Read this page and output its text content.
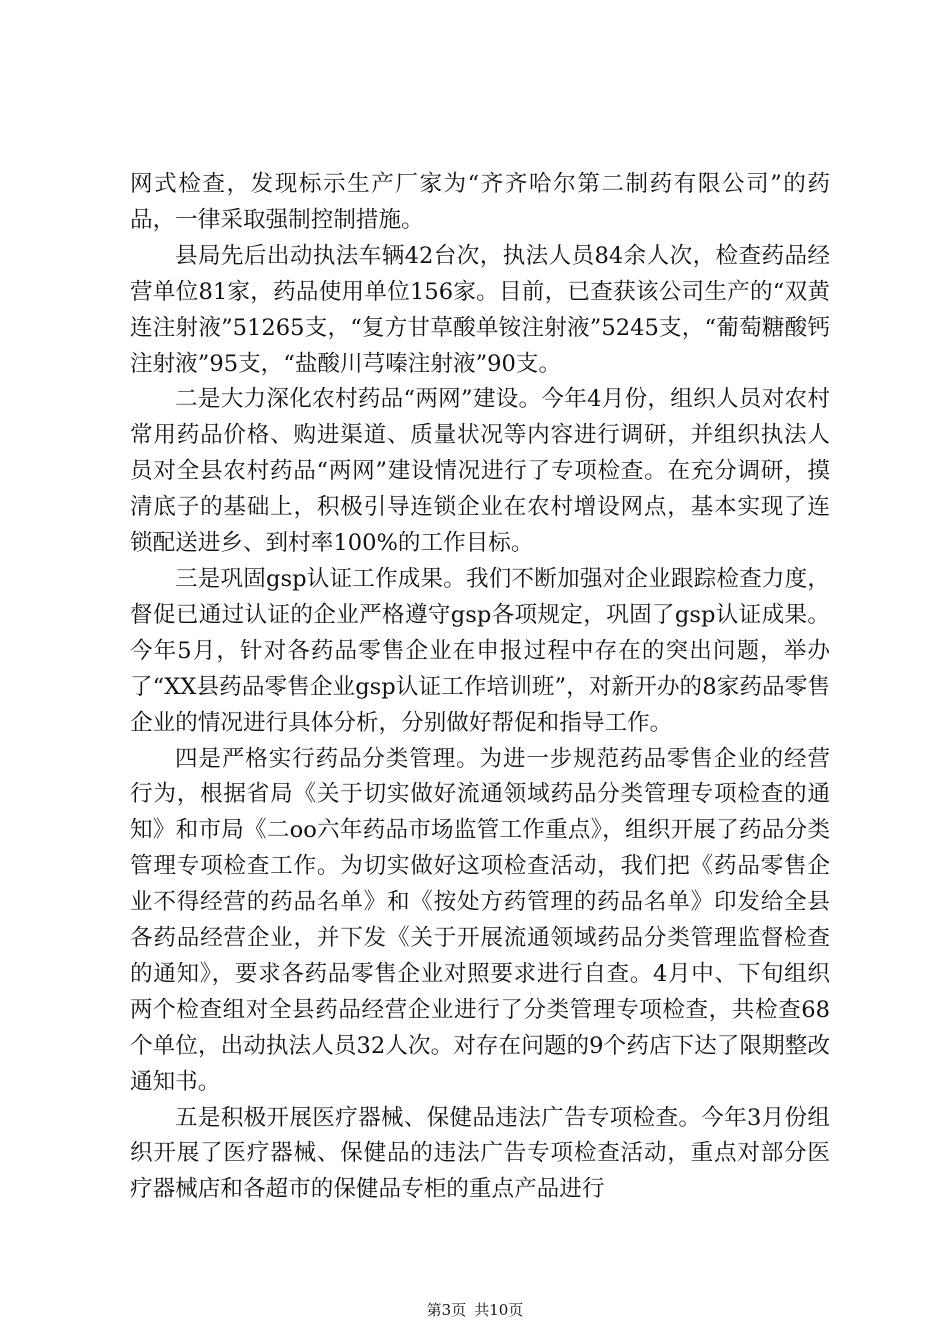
网式检查，发现标示生产厂家为“齐齐哈尔第二制药有限公司”的药品，一律采取强制控制措施。

县局先后出动执法车辆42台次，执法人员84余人次，检查药品经营单位81家，药品使用单位156家。目前，已查获该公司生产的“双黄连注射液”51265支，“复方甘草酸单铵注射液”5245支，“葡萄糖酸钙注射液”95支，“盐酸川芎嗪注射液”90支。

二是大力深化农村药品“两网”建设。今年4月份，组织人员对农村常用药品价格、购进渠道、质量状况等内容进行调研，并组织执法人员对全县农村药品“两网”建设情况进行了专项检查。在充分调研，摸清底子的基础上，积极引导连锁企业在农村增设网点，基本实现了连锁配送进乡、到村率100%的工作目标。

三是巩固gsp认证工作成果。我们不断加强对企业跟踪检查力度，督促已通过认证的企业严格遵守gsp各项规定，巩固了gsp认证成果。今年5月，针对各药品零售企业在申报过程中存在的突出问题，举办了“XX县药品零售企业gsp认证工作培训班”，对新开办的8家药品零售企业的情况进行具体分析，分别做好帮促和指导工作。

四是严格实行药品分类管理。为进一步规范药品零售企业的经营行为，根据省局《关于切实做好流通领域药品分类管理专项检查的通知》和市局《二oo六年药品市场监管工作重点》，组织开展了药品分类管理专项检查工作。为切实做好这项检查活动，我们把《药品零售企业不得经营的药品名单》和《按处方药管理的药品名单》印发给全县各药品经营企业，并下发《关于开展流通领域药品分类管理监督检查的通知》，要求各药品零售企业对照要求进行自查。4月中、下旬组织两个检查组对全县药品经营企业进行了分类管理专项检查，共检查68个单位，出动执法人员32人次。对存在问题的9个药店下达了限期整改通知书。

五是积极开展医疗器械、保健品违法广告专项检查。今年3月份组织开展了医疗器械、保健品的违法广告专项检查活动，重点对部分医疗器械店和各超市的保健品专柜的重点产品进行

第3页 共10页
